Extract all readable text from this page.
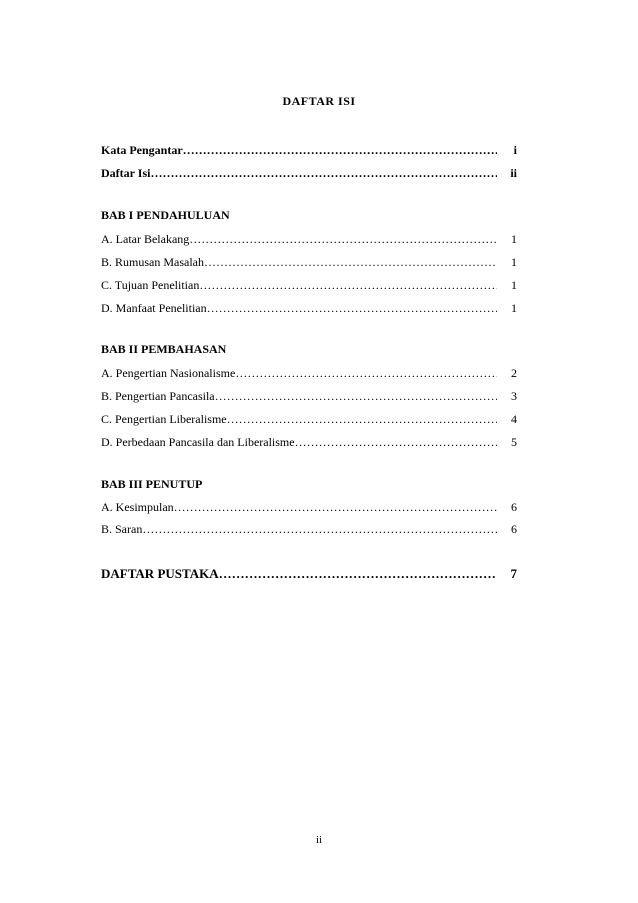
DAFTAR ISI
Kata Pengantar ……………………………………………………………………………………………………………………………………	i
Daftar Isi ……………………………………………………………………………………………………………………………………	ii
BAB I PENDAHULUAN
A. Latar Belakang ……………………………………………………………………………………………………………………………………	1
B. Rumusan Masalah ……………………………………………………………………………………………………………………………………	1
C. Tujuan Penelitian ……………………………………………………………………………………………………………………………………	1
D. Manfaat Penelitian ……………………………………………………………………………………………………………………………………	1
BAB II PEMBAHASAN
A. Pengertian Nasionalisme ……………………………………………………………………………………………………………………………………	2
B. Pengertian Pancasila ……………………………………………………………………………………………………………………………………	3
C. Pengertian Liberalisme ……………………………………………………………………………………………………………………………………	4
D. Perbedaan Pancasila dan Liberalisme ……………………………………………………………………………………………………………………………………	5
BAB III PENUTUP
A. Kesimpulan ……………………………………………………………………………………………………………………………………	6
B. Saran ……………………………………………………………………………………………………………………………………	6
DAFTAR PUSTAKA ……………………………………………………………………………………………………………………………………	7
ii
